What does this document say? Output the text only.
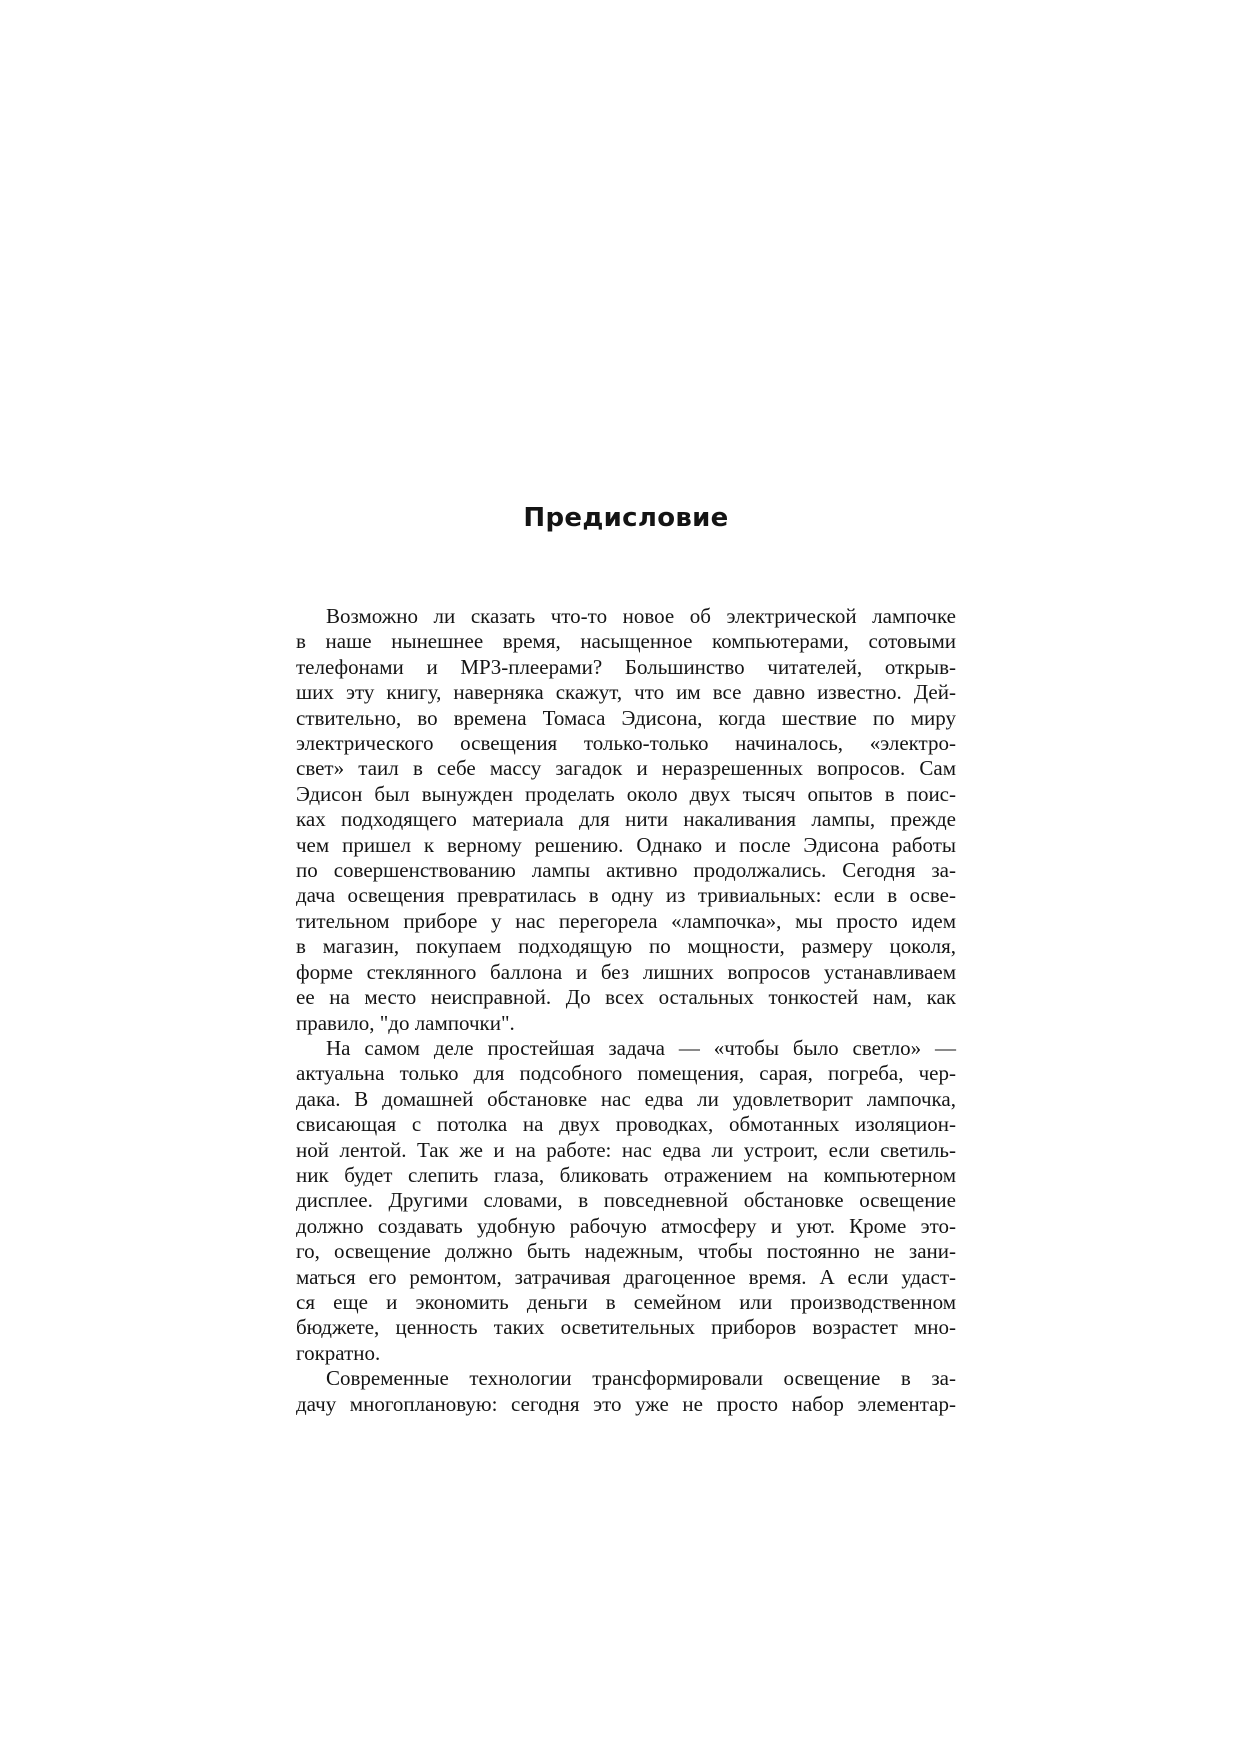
Предисловие

Возможно ли сказать что-то новое об электрической лампочке
в наше нынешнее время, насыщенное компьютерами, сотовыми
телефонами и MP3-плеерами? Большинство читателей, открыв-
ших эту книгу, наверняка скажут, что им все давно известно. Дей-
ствительно, во времена Томаса Эдисона, когда шествие по миру
электрического освещения только-только начиналось, «электро-
свет» таил в себе массу загадок и неразрешенных вопросов. Сам
Эдисон был вынужден проделать около двух тысяч опытов в поис-
ках подходящего материала для нити накаливания лампы, прежде
чем пришел к верному решению. Однако и после Эдисона работы
по совершенствованию лампы активно продолжались. Сегодня за-
дача освещения превратилась в одну из тривиальных: если в осве-
тительном приборе у нас перегорела «лампочка», мы просто идем
в магазин, покупаем подходящую по мощности, размеру цоколя,
форме стеклянного баллона и без лишних вопросов устанавливаем
ее на место неисправной. До всех остальных тонкостей нам, как
правило, "до лампочки".

На самом деле простейшая задача — «чтобы было светло» —
актуальна только для подсобного помещения, сарая, погреба, чер-
дака. В домашней обстановке нас едва ли удовлетворит лампочка,
свисающая с потолка на двух проводках, обмотанных изоляцион-
ной лентой. Так же и на работе: нас едва ли устроит, если светиль-
ник будет слепить глаза, бликовать отражением на компьютерном
дисплее. Другими словами, в повседневной обстановке освещение
должно создавать удобную рабочую атмосферу и уют. Кроме это-
го, освещение должно быть надежным, чтобы постоянно не зани-
маться его ремонтом, затрачивая драгоценное время. А если удаст-
ся еще и экономить деньги в семейном или производственном
бюджете, ценность таких осветительных приборов возрастет мно-
гократно.

Современные технологии трансформировали освещение в за-
дачу многоплановую: сегодня это уже не просто набор элементар-
